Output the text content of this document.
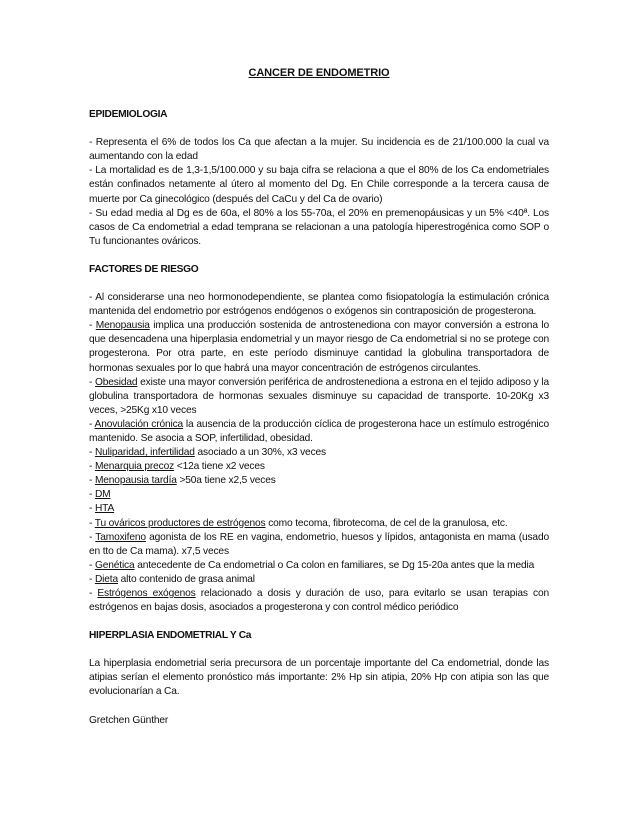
CANCER DE ENDOMETRIO
EPIDEMIOLOGIA

- Representa el 6% de todos los Ca que afectan a la mujer. Su incidencia es de 21/100.000 la cual va aumentando con la edad

- La mortalidad es de 1,3-1,5/100.000 y su baja cifra se relaciona a que el 80% de los Ca endometriales están confinados netamente al útero al momento del Dg. En Chile corresponde a la tercera causa de muerte por Ca ginecológico (después del CaCu y del Ca de ovario)

- Su edad media al Dg es de 60a, el 80% a los 55-70a, el 20% en premenopáusicas y un 5% <40ª. Los casos de Ca endometrial a edad temprana se relacionan a una patología hiperestrogénica como SOP o Tu funcionantes ováricos.

FACTORES DE RIESGO

- Al considerarse una neo hormonodependiente, se plantea como fisiopatología la estimulación crónica mantenida del endometrio por estrógenos endógenos o exógenos sin contraposición de progesterona.

- Menopausia implica una producción sostenida de antrostenediona con mayor conversión a estrona lo que desencadena una hiperplasia endometrial y un mayor riesgo de Ca endometrial si no se protege con progesterona. Por otra parte, en este período disminuye cantidad la globulina transportadora de hormonas sexuales por lo que habrá una mayor concentración de estrógenos circulantes.

- Obesidad existe una mayor conversión periférica de androstenediona a estrona en el tejido adiposo y la globulina transportadora de hormonas sexuales disminuye su capacidad de transporte. 10-20Kg x3 veces, >25Kg x10 veces

- Anovulación crónica la ausencia de la producción cíclica de progesterona hace un estímulo estrogénico mantenido. Se asocia a SOP, infertilidad, obesidad.

- Nuliparidad, infertilidad asociado a un 30%, x3 veces

- Menarquia precoz <12a tiene x2 veces

- Menopausia tardía >50a tiene x2,5 veces

- DM

- HTA

- Tu ováricos productores de estrógenos como tecoma, fibrotecoma, de cel de la granulosa, etc.

- Tamoxifeno agonista de los RE en vagina, endometrio, huesos y lípidos, antagonista en mama (usado en tto de Ca mama). x7,5 veces

- Genética antecedente de Ca endometrial o Ca colon en familiares, se Dg 15-20a antes que la media

- Dieta alto contenido de grasa animal

- Estrógenos exógenos relacionado a dosis y duración de uso, para evitarlo se usan terapias con estrógenos en bajas dosis, asociados a progesterona y con control médico periódico

HIPERPLASIA ENDOMETRIAL Y Ca

La hiperplasia endometrial seria precursora de un porcentaje importante del Ca endometrial, donde las atipias serían el elemento pronóstico más importante: 2% Hp sin atipia, 20% Hp con atipia son las que evolucionarían a Ca.

Gretchen Günther
